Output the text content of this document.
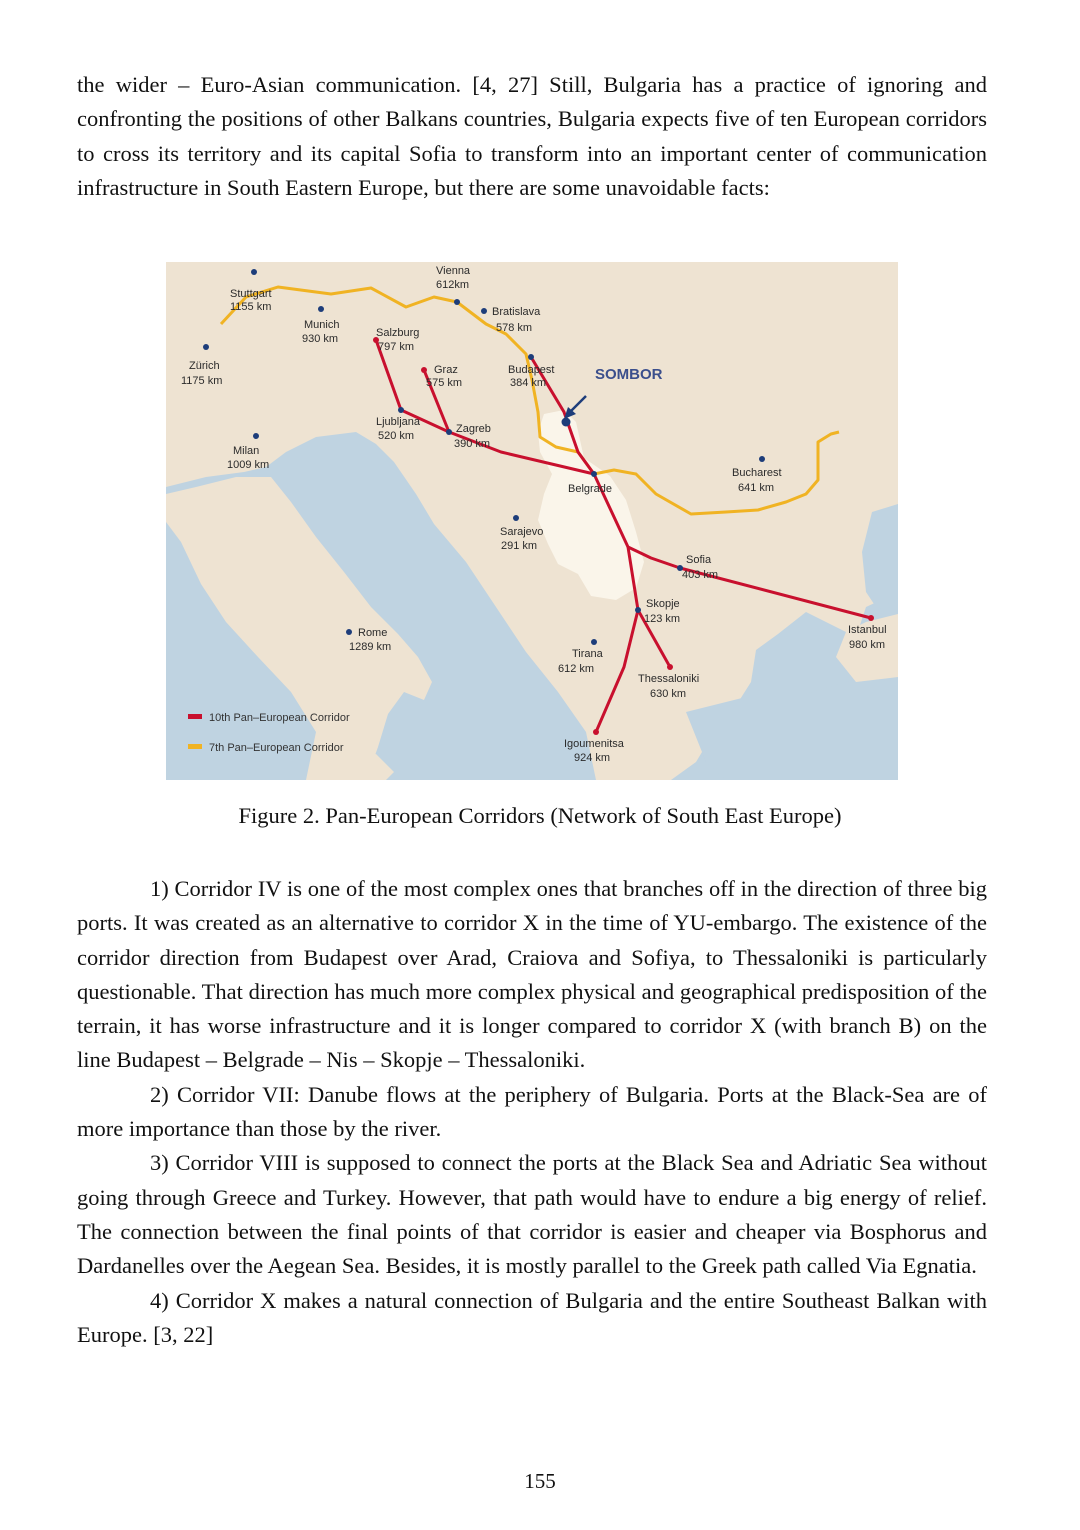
the wider – Euro-Asian communication. [4, 27] Still, Bulgaria has a practice of ignoring and confronting the positions of other Balkans countries, Bulgaria expects five of ten European corridors to cross its territory and its capital Sofia to transform into an important center of communication infrastructure in South Eastern Europe, but there are some unavoidable facts:

SOMBOR
Vienna
612km
Stuttgart
1155 km	Bratislava
578 km
Munich
930 km	Salzburg
797 km
Zürich
1175 km
Graz
575 km
Budapest
384 km
Ljubljana
520 km
Zagreb
390 km
Milan
1009 km
Bucharest
641 km
Belgrade
Sarajevo
291 km
Sofia
403 km
Skopje
123 km
Rome
1289 km
Tirana
612 km
Istanbul
980 km
Thessaloniki
630 km
Igoumenitsa
924 km
10th Pan–European Corridor
7th Pan–European Corridor
Figure 2. Pan-European Corridors (Network of South East Europe)

1) Corridor IV is one of the most complex ones that branches off in the direction of three big ports. It was created as an alternative to corridor X in the time of YU-embargo. The existence of the corridor direction from Budapest over Arad, Craiova and Sofiya, to Thessaloniki is particularly questionable. That direction has much more complex physical and geographical predisposition of the terrain, it has worse infrastructure and it is longer compared to corridor X (with branch B) on the line Budapest – Belgrade – Nis – Skopje – Thessaloniki.

2) Corridor VII: Danube flows at the periphery of Bulgaria. Ports at the Black-Sea are of more importance than those by the river.

3) Corridor VIII is supposed to connect the ports at the Black Sea and Adriatic Sea without going through Greece and Turkey. However, that path would have to endure a big energy of relief. The connection between the final points of that corridor is easier and cheaper via Bosphorus and Dardanelles over the Aegean Sea. Besides, it is mostly parallel to the Greek path called Via Egnatia.

4) Corridor X makes a natural connection of Bulgaria and the entire Southeast Balkan with Europe. [3, 22]

155
